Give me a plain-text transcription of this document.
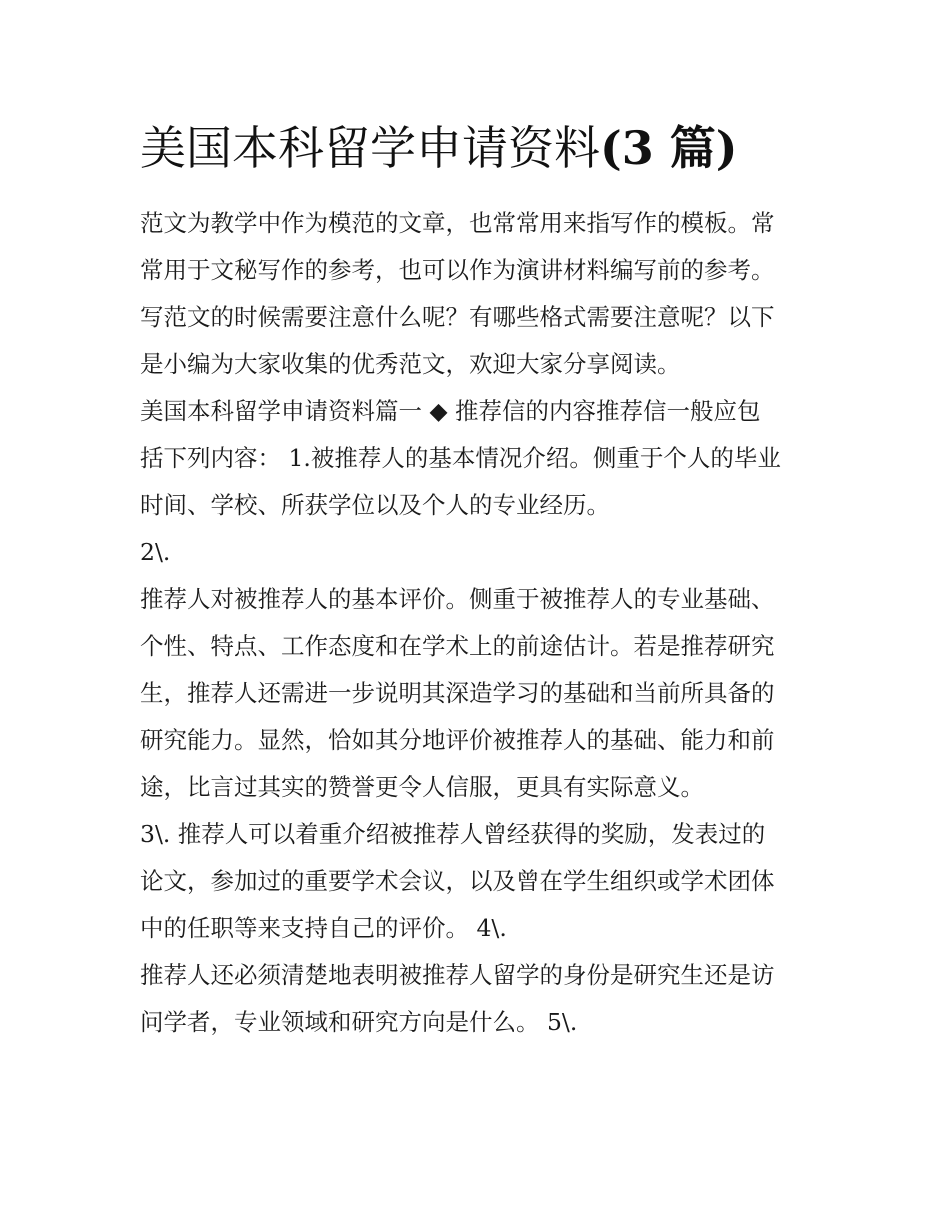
美国本科留学申请资料(3 篇)

范文为教学中作为模范的文章，也常常用来指写作的模板。常
常用于文秘写作的参考，也可以作为演讲材料编写前的参考。
写范文的时候需要注意什么呢？有哪些格式需要注意呢？以下
是小编为大家收集的优秀范文，欢迎大家分享阅读。

美国本科留学申请资料篇一 ◆ 推荐信的内容推荐信一般应包
括下列内容： 1.被推荐人的基本情况介绍。侧重于个人的毕业
时间、学校、所获学位以及个人的专业经历。

2\.

推荐人对被推荐人的基本评价。侧重于被推荐人的专业基础、
个性、特点、工作态度和在学术上的前途估计。若是推荐研究
生，推荐人还需进一步说明其深造学习的基础和当前所具备的
研究能力。显然，恰如其分地评价被推荐人的基础、能力和前
途，比言过其实的赞誉更令人信服，更具有实际意义。

3\. 推荐人可以着重介绍被推荐人曾经获得的奖励，发表过的
论文，参加过的重要学术会议，以及曾在学生组织或学术团体
中的任职等来支持自己的评价。 4\.

推荐人还必须清楚地表明被推荐人留学的身份是研究生还是访
问学者，专业领域和研究方向是什么。 5\.
